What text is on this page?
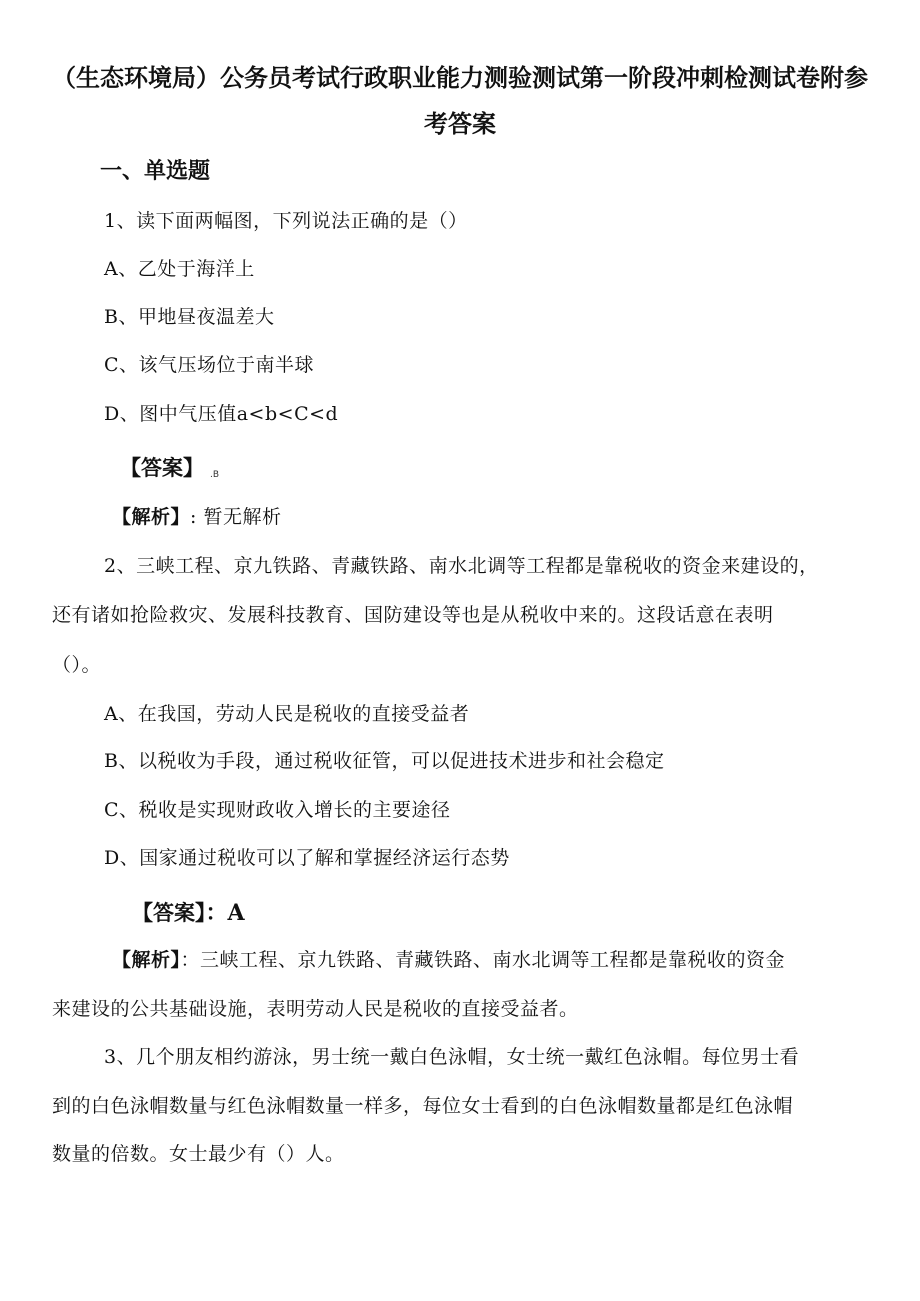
（生态环境局）公务员考试行政职业能力测验测试第一阶段冲刺检测试卷附参
考答案
一、单选题
1、读下面两幅图，下列说法正确的是（）
A、乙处于海洋上
B、甲地昼夜温差大
C、该气压场位于南半球
D、图中气压值a<b<C<d
【答案】 .B
【解析】: 暂无解析
2、三峡工程、京九铁路、青藏铁路、南水北调等工程都是靠税收的资金来建设的，
还有诸如抢险救灾、发展科技教育、国防建设等也是从税收中来的。这段话意在表明
（）。
A、在我国，劳动人民是税收的直接受益者
B、以税收为手段，通过税收征管，可以促进技术进步和社会稳定
C、税收是实现财政收入增长的主要途径
D、国家通过税收可以了解和掌握经济运行态势
【答案】：A
【解析】：三峡工程、京九铁路、青藏铁路、南水北调等工程都是靠税收的资金
来建设的公共基础设施，表明劳动人民是税收的直接受益者。
3、几个朋友相约游泳，男士统一戴白色泳帽，女士统一戴红色泳帽。每位男士看
到的白色泳帽数量与红色泳帽数量一样多，每位女士看到的白色泳帽数量都是红色泳帽
数量的倍数。女士最少有（）人。
